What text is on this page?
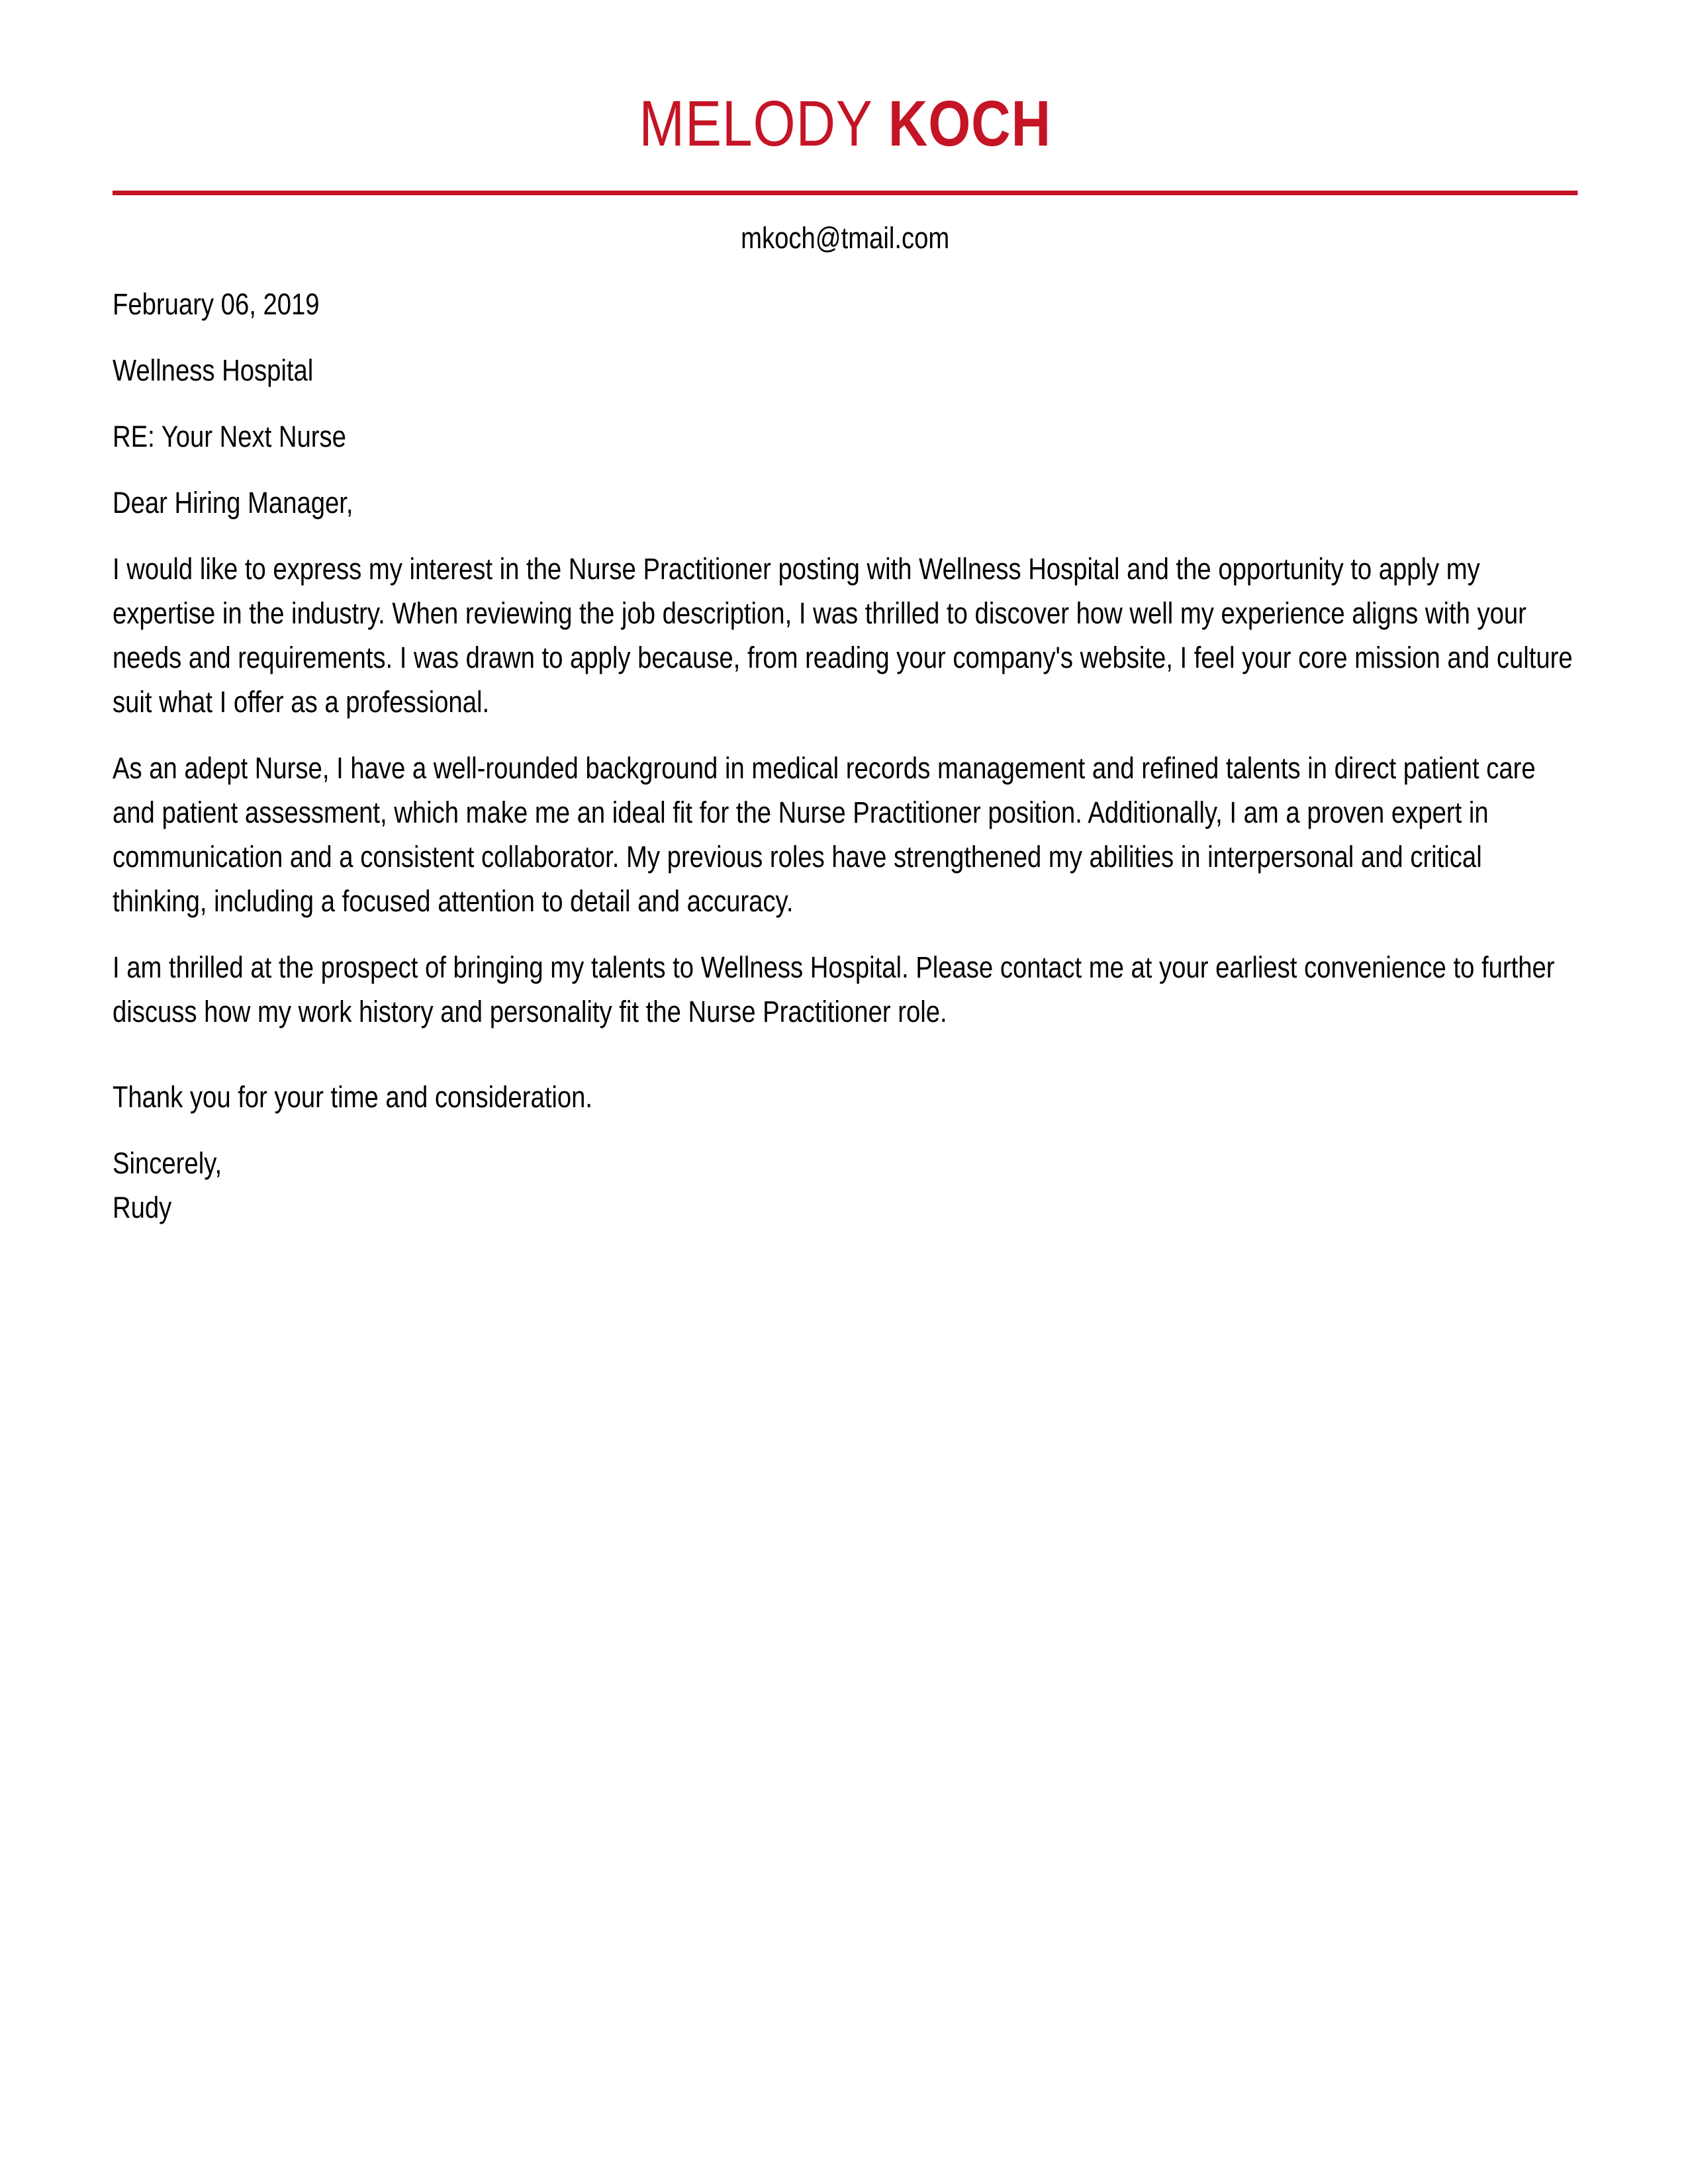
MELODY KOCH
mkoch@tmail.com

February 06, 2019

Wellness Hospital

RE: Your Next Nurse

Dear Hiring Manager,

I would like to express my interest in the Nurse Practitioner posting with Wellness Hospital and the opportunity to apply my expertise in the industry. When reviewing the job description, I was thrilled to discover how well my experience aligns with your needs and requirements. I was drawn to apply because, from reading your company's website, I feel your core mission and culture suit what I offer as a professional.

As an adept Nurse, I have a well-rounded background in medical records management and refined talents in direct patient care and patient assessment, which make me an ideal fit for the Nurse Practitioner position. Additionally, I am a proven expert in communication and a consistent collaborator. My previous roles have strengthened my abilities in interpersonal and critical thinking, including a focused attention to detail and accuracy.

I am thrilled at the prospect of bringing my talents to Wellness Hospital. Please contact me at your earliest convenience to further discuss how my work history and personality fit the Nurse Practitioner role.

Thank you for your time and consideration.

Sincerely,
Rudy
